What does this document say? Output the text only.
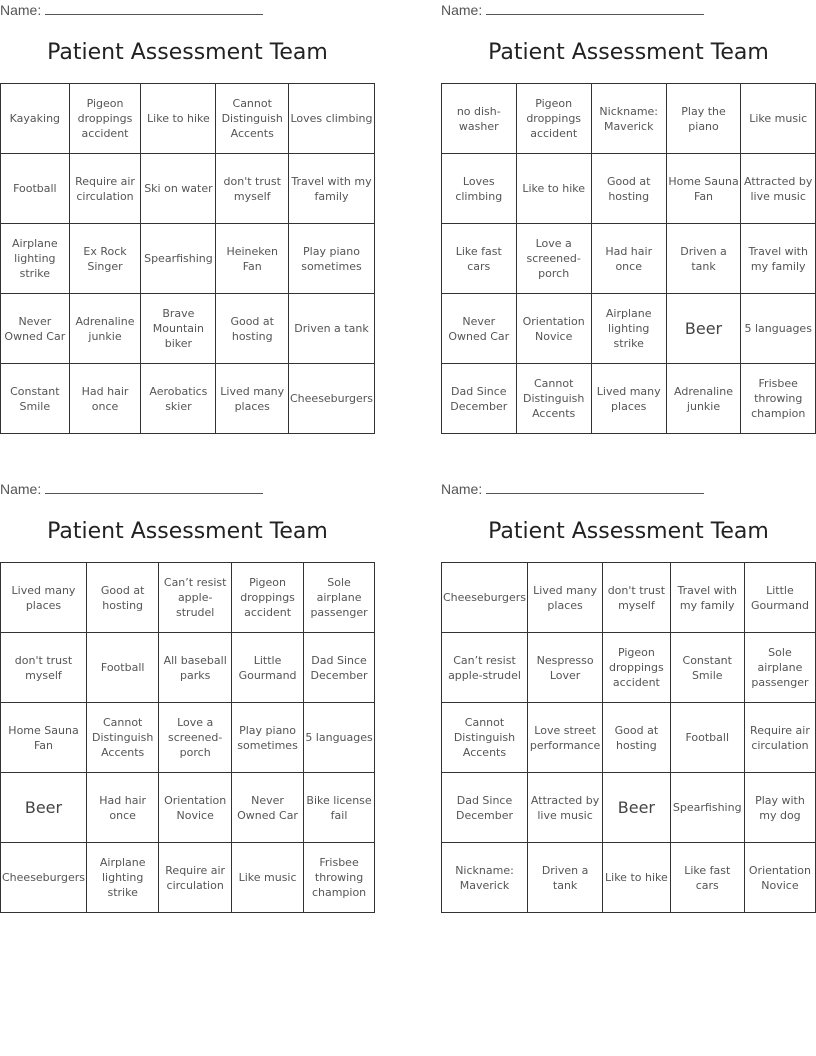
Name:
Patient Assessment Team
Kayaking	Pigeon droppings accident	Like to hike	Cannot Distinguish Accents	Loves climbing
Football	Require air circulation	Ski on water	don't trust myself	Travel with my family
Airplane lighting strike	Ex Rock Singer	Spearfishing	Heineken Fan	Play piano sometimes
Never Owned Car	Adrenaline junkie	Brave Mountain biker	Good at hosting	Driven a tank
Constant Smile	Had hair once	Aerobatics skier	Lived many places	Cheeseburgers
Name:
Patient Assessment Team
no dish-washer	Pigeon droppings accident	Nickname: Maverick	Play the piano	Like music
Loves climbing	Like to hike	Good at hosting	Home Sauna Fan	Attracted by live music
Like fast cars	Love a screened-porch	Had hair once	Driven a tank	Travel with my family
Never Owned Car	Orientation Novice	Airplane lighting strike	Beer	5 languages
Dad Since December	Cannot Distinguish Accents	Lived many places	Adrenaline junkie	Frisbee throwing champion
Name:
Patient Assessment Team
Lived many places	Good at hosting	Can’t resist apple-strudel	Pigeon droppings accident	Sole airplane passenger
don't trust myself	Football	All baseball parks	Little Gourmand	Dad Since December
Home Sauna Fan	Cannot Distinguish Accents	Love a screened-porch	Play piano sometimes	5 languages
Beer	Had hair once	Orientation Novice	Never Owned Car	Bike license fail
Cheeseburgers	Airplane lighting strike	Require air circulation	Like music	Frisbee throwing champion
Name:
Patient Assessment Team
Cheeseburgers	Lived many places	don't trust myself	Travel with my family	Little Gourmand
Can’t resist apple-strudel	Nespresso Lover	Pigeon droppings accident	Constant Smile	Sole airplane passenger
Cannot Distinguish Accents	Love street performance	Good at hosting	Football	Require air circulation
Dad Since December	Attracted by live music	Beer	Spearfishing	Play with my dog
Nickname: Maverick	Driven a tank	Like to hike	Like fast cars	Orientation Novice
